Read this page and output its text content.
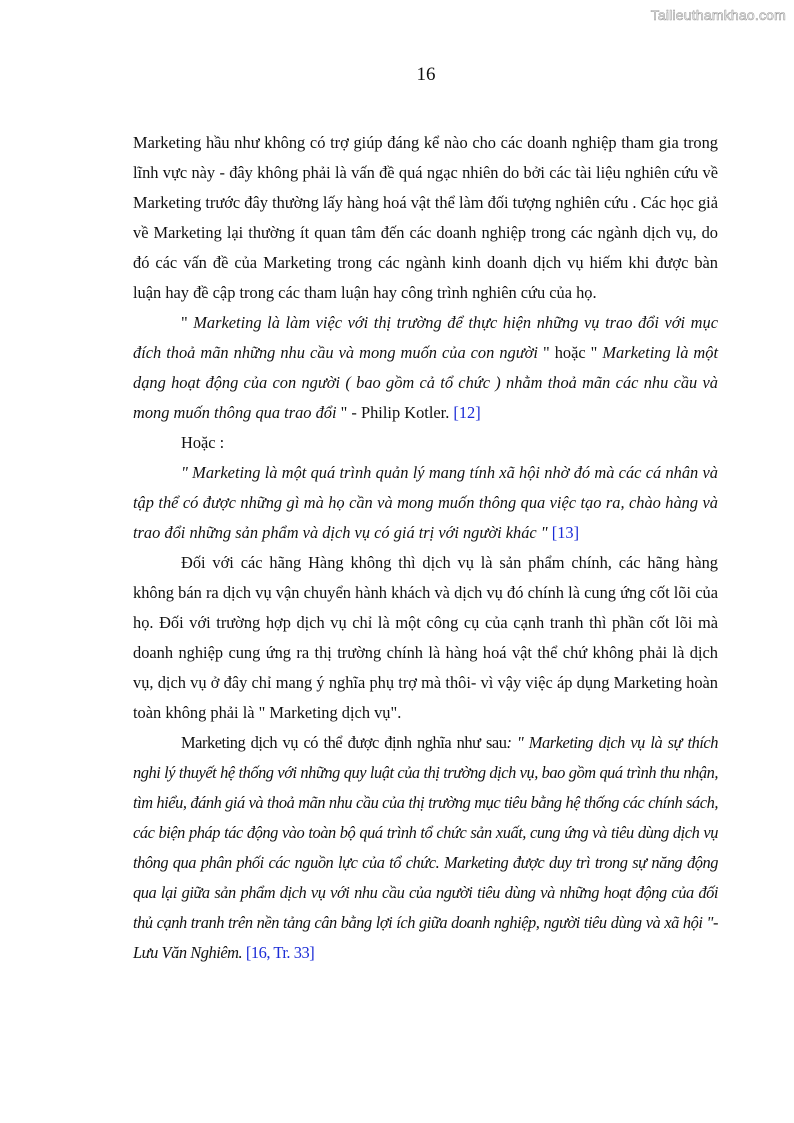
Tailieuthamkhao.com
16

Marketing hầu như không có trợ giúp đáng kể nào cho các doanh nghiệp tham gia trong lĩnh vực này - đây không phải là vấn đề quá ngạc nhiên do bởi các tài liệu nghiên cứu về Marketing trước đây thường lấy hàng hoá vật thể làm đối tượng nghiên cứu . Các học giả về Marketing lại thường ít quan tâm đến các doanh nghiệp trong các ngành dịch vụ, do đó các vấn đề của Marketing trong các ngành kinh doanh dịch vụ hiếm khi được bàn luận hay đề cập trong các tham luận hay công trình nghiên cứu của họ.

" Marketing là làm việc với thị trường để thực hiện những vụ trao đổi với mục đích thoả mãn những nhu cầu và mong muốn của con người " hoặc " Marketing là một dạng hoạt động của con người ( bao gồm cả tổ chức ) nhằm thoả mãn các nhu cầu và mong muốn thông qua trao đổi " - Philip Kotler. [12]

Hoặc :

" Marketing là một quá trình quản lý mang tính xã hội nhờ đó mà các cá nhân và tập thể có được những gì mà họ cần và mong muốn thông qua việc tạo ra, chào hàng và trao đổi những sản phẩm và dịch vụ có giá trị với người khác " [13]

Đối với các hãng Hàng không thì dịch vụ là sản phẩm chính, các hãng hàng không bán ra dịch vụ vận chuyển hành khách và dịch vụ đó chính là cung ứng cốt lõi của họ. Đối với trường hợp dịch vụ chỉ là một công cụ của cạnh tranh thì phần cốt lõi mà doanh nghiệp cung ứng ra thị trường chính là hàng hoá vật thể chứ không phải là dịch vụ, dịch vụ ở đây chỉ mang ý nghĩa phụ trợ mà thôi- vì vậy việc áp dụng Marketing hoàn toàn không phải là " Marketing dịch vụ".

Marketing dịch vụ có thể được định nghĩa như sau: " Marketing dịch vụ là sự thích nghi lý thuyết hệ thống với những quy luật của thị trường dịch vụ, bao gồm quá trình thu nhận, tìm hiểu, đánh giá và thoả mãn nhu cầu của thị trường mục tiêu bằng hệ thống các chính sách, các biện pháp tác động vào toàn bộ quá trình tổ chức sản xuất, cung ứng và tiêu dùng dịch vụ thông qua phân phối các nguồn lực của tổ chức. Marketing được duy trì trong sự năng động qua lại giữa sản phẩm dịch vụ với nhu cầu của người tiêu dùng và những hoạt động của đối thủ cạnh tranh trên nền tảng cân bằng lợi ích giữa doanh nghiệp, người tiêu dùng và xã hội "- Lưu Văn Nghiêm. [16, Tr. 33]
